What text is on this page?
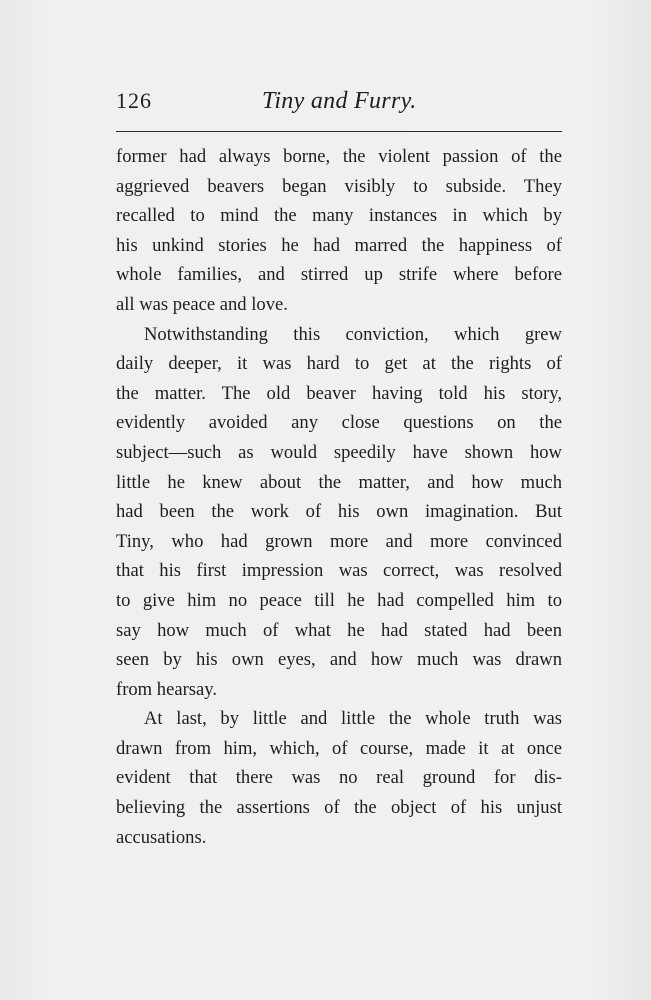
126	Tiny and Furry.
former had always borne, the violent passion of the
aggrieved beavers began visibly to subside. They
recalled to mind the many instances in which by
his unkind stories he had marred the happiness of
whole families, and stirred up strife where before
all was peace and love.
Notwithstanding this conviction, which grew
daily deeper, it was hard to get at the rights of
the matter. The old beaver having told his story,
evidently avoided any close questions on the
subject—such as would speedily have shown how
little he knew about the matter, and how much
had been the work of his own imagination. But
Tiny, who had grown more and more convinced
that his first impression was correct, was resolved
to give him no peace till he had compelled him to
say how much of what he had stated had been
seen by his own eyes, and how much was drawn
from hearsay.
At last, by little and little the whole truth was
drawn from him, which, of course, made it at once
evident that there was no real ground for dis-
believing the assertions of the object of his unjust
accusations.
